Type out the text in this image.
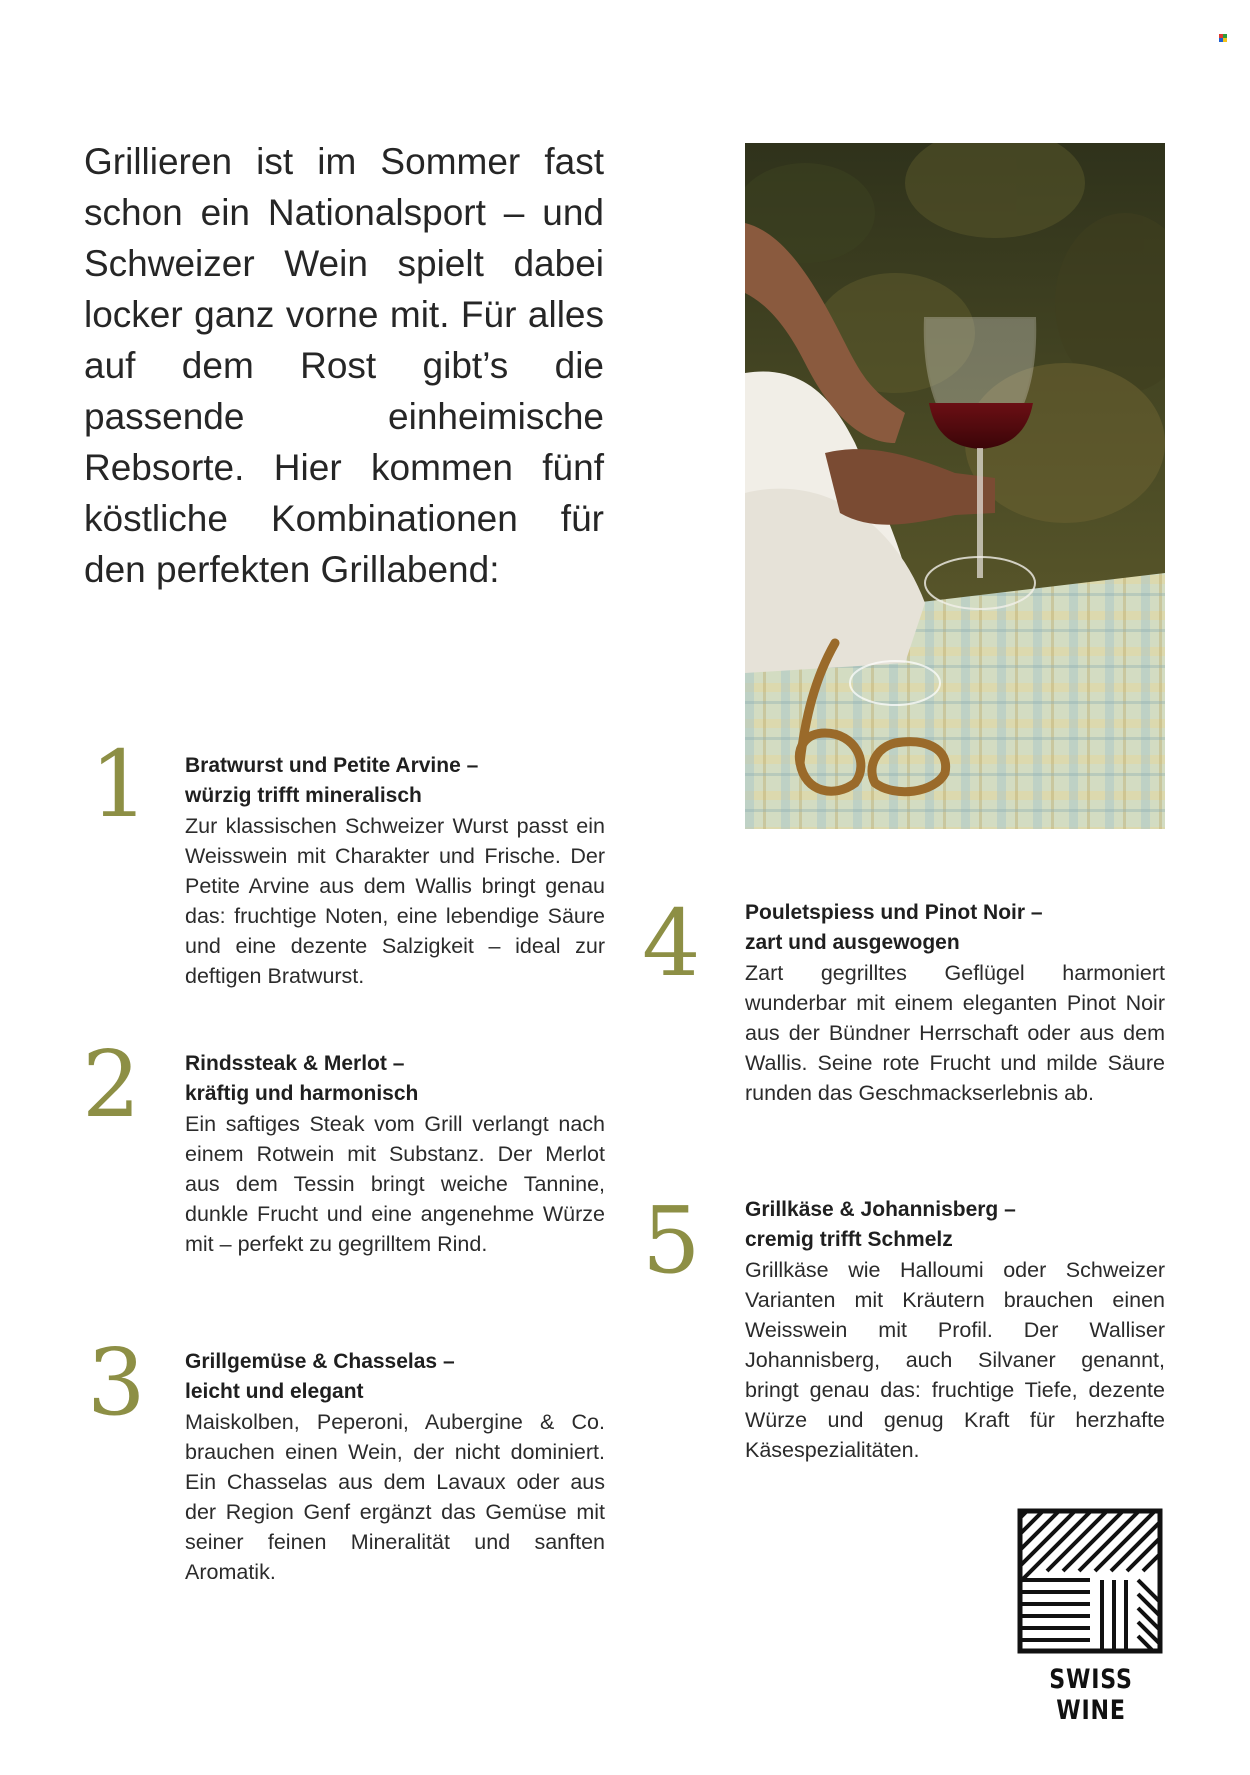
Grillieren ist im Sommer fast schon ein Nationalsport – und Schweizer Wein spielt dabei locker ganz vorne mit. Für alles auf dem Rost gibt’s die passende einheimische Rebsorte. Hier kommen fünf köstliche Kombinationen für den perfekten Grillabend:

1 Bratwurst und Petite Arvine –
würzig trifft mineralisch

Zur klassischen Schweizer Wurst passt ein Weisswein mit Charakter und Frische. Der Petite Arvine aus dem Wallis bringt genau das: fruchtige Noten, eine lebendige Säure und eine dezente Salzigkeit – ideal zur deftigen Bratwurst.

2 Rindssteak & Merlot –
kräftig und harmonisch

Ein saftiges Steak vom Grill verlangt nach einem Rotwein mit Substanz. Der Merlot aus dem Tessin bringt weiche Tannine, dunkle Frucht und eine angenehme Würze mit – perfekt zu gegrilltem Rind.

3 Grillgemüse & Chasselas –
leicht und elegant

Maiskolben, Peperoni, Aubergine & Co. brauchen einen Wein, der nicht dominiert. Ein Chasselas aus dem Lavaux oder aus der Region Genf ergänzt das Gemüse mit seiner feinen Mineralität und sanften Aromatik.

4 Pouletspiess und Pinot Noir –
zart und ausgewogen

Zart gegrilltes Geflügel harmoniert wunderbar mit einem eleganten Pinot Noir aus der Bündner Herrschaft oder aus dem Wallis. Seine rote Frucht und milde Säure runden das Geschmackserlebnis ab.

5 Grillkäse & Johannisberg –
cremig trifft Schmelz

Grillkäse wie Halloumi oder Schweizer Varianten mit Kräutern brauchen einen Weisswein mit Profil. Der Walliser Johannisberg, auch Silvaner genannt, bringt genau das: fruchtige Tiefe, dezente Würze und genug Kraft für herzhafte Käsespezialitäten.

SWISS WINE
